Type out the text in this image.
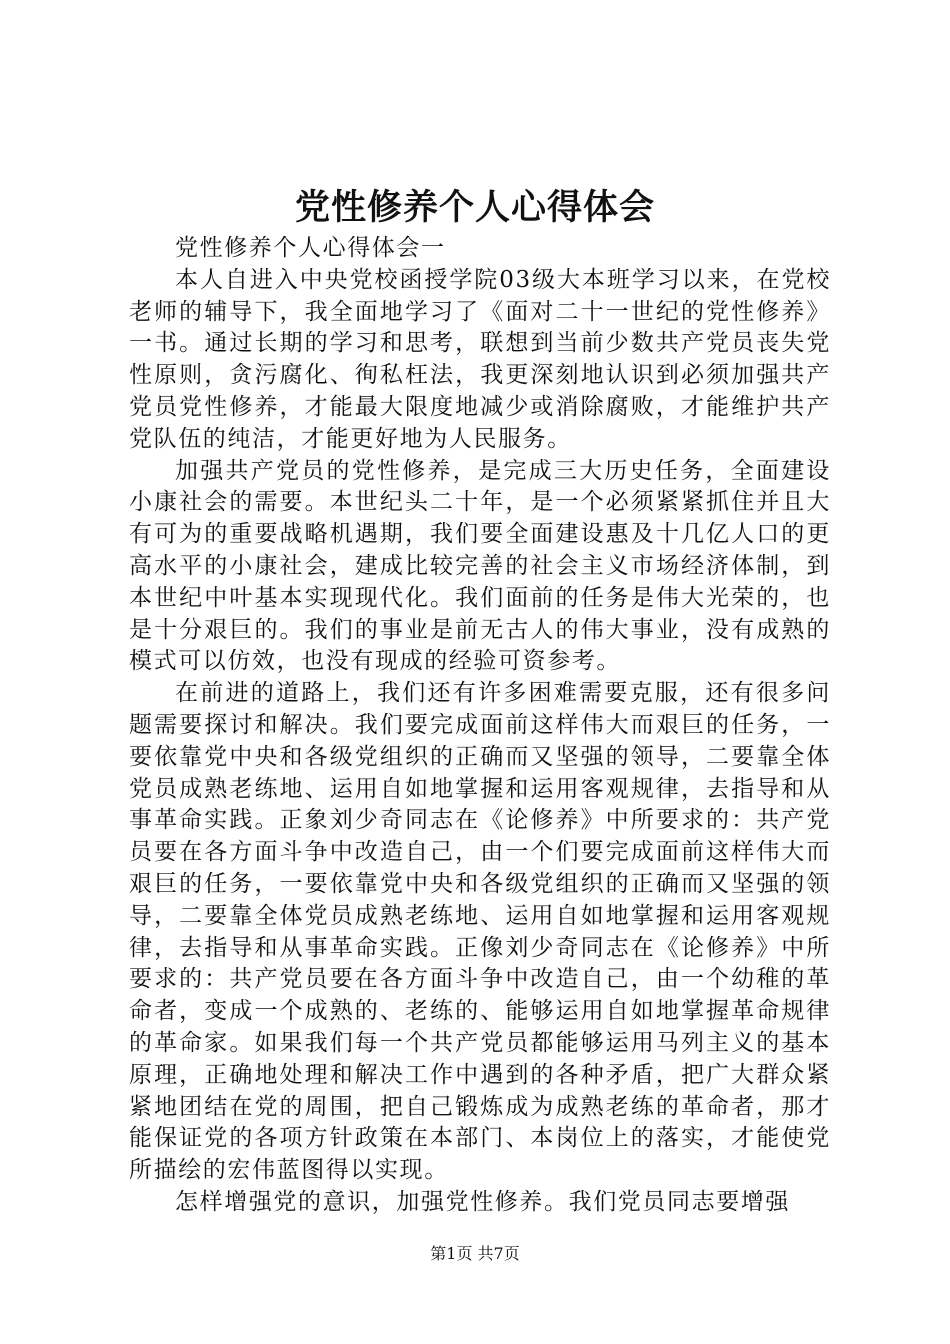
党性修养个人心得体会

党性修养个人心得体会一

本人自进入中央党校函授学院03级大本班学习以来，在党校老师的辅导下，我全面地学习了《面对二十一世纪的党性修养》一书。通过长期的学习和思考，联想到当前少数共产党员丧失党性原则，贪污腐化、徇私枉法，我更深刻地认识到必须加强共产党员党性修养，才能最大限度地减少或消除腐败，才能维护共产党队伍的纯洁，才能更好地为人民服务。

加强共产党员的党性修养，是完成三大历史任务，全面建设小康社会的需要。本世纪头二十年，是一个必须紧紧抓住并且大有可为的重要战略机遇期，我们要全面建设惠及十几亿人口的更高水平的小康社会，建成比较完善的社会主义市场经济体制，到本世纪中叶基本实现现代化。我们面前的任务是伟大光荣的，也是十分艰巨的。我们的事业是前无古人的伟大事业，没有成熟的模式可以仿效，也没有现成的经验可资参考。

在前进的道路上，我们还有许多困难需要克服，还有很多问题需要探讨和解决。我们要完成面前这样伟大而艰巨的任务，一要依靠党中央和各级党组织的正确而又坚强的领导，二要靠全体党员成熟老练地、运用自如地掌握和运用客观规律，去指导和从事革命实践。正象刘少奇同志在《论修养》中所要求的：共产党员要在各方面斗争中改造自己，由一个们要完成面前这样伟大而艰巨的任务，一要依靠党中央和各级党组织的正确而又坚强的领导，二要靠全体党员成熟老练地、运用自如地掌握和运用客观规律，去指导和从事革命实践。正像刘少奇同志在《论修养》中所要求的：共产党员要在各方面斗争中改造自己，由一个幼稚的革命者，变成一个成熟的、老练的、能够运用自如地掌握革命规律的革命家。如果我们每一个共产党员都能够运用马列主义的基本原理，正确地处理和解决工作中遇到的各种矛盾，把广大群众紧紧地团结在党的周围，把自己锻炼成为成熟老练的革命者，那才能保证党的各项方针政策在本部门、本岗位上的落实，才能使党所描绘的宏伟蓝图得以实现。

怎样增强党的意识，加强党性修养。我们党员同志要增强

第1页 共7页
